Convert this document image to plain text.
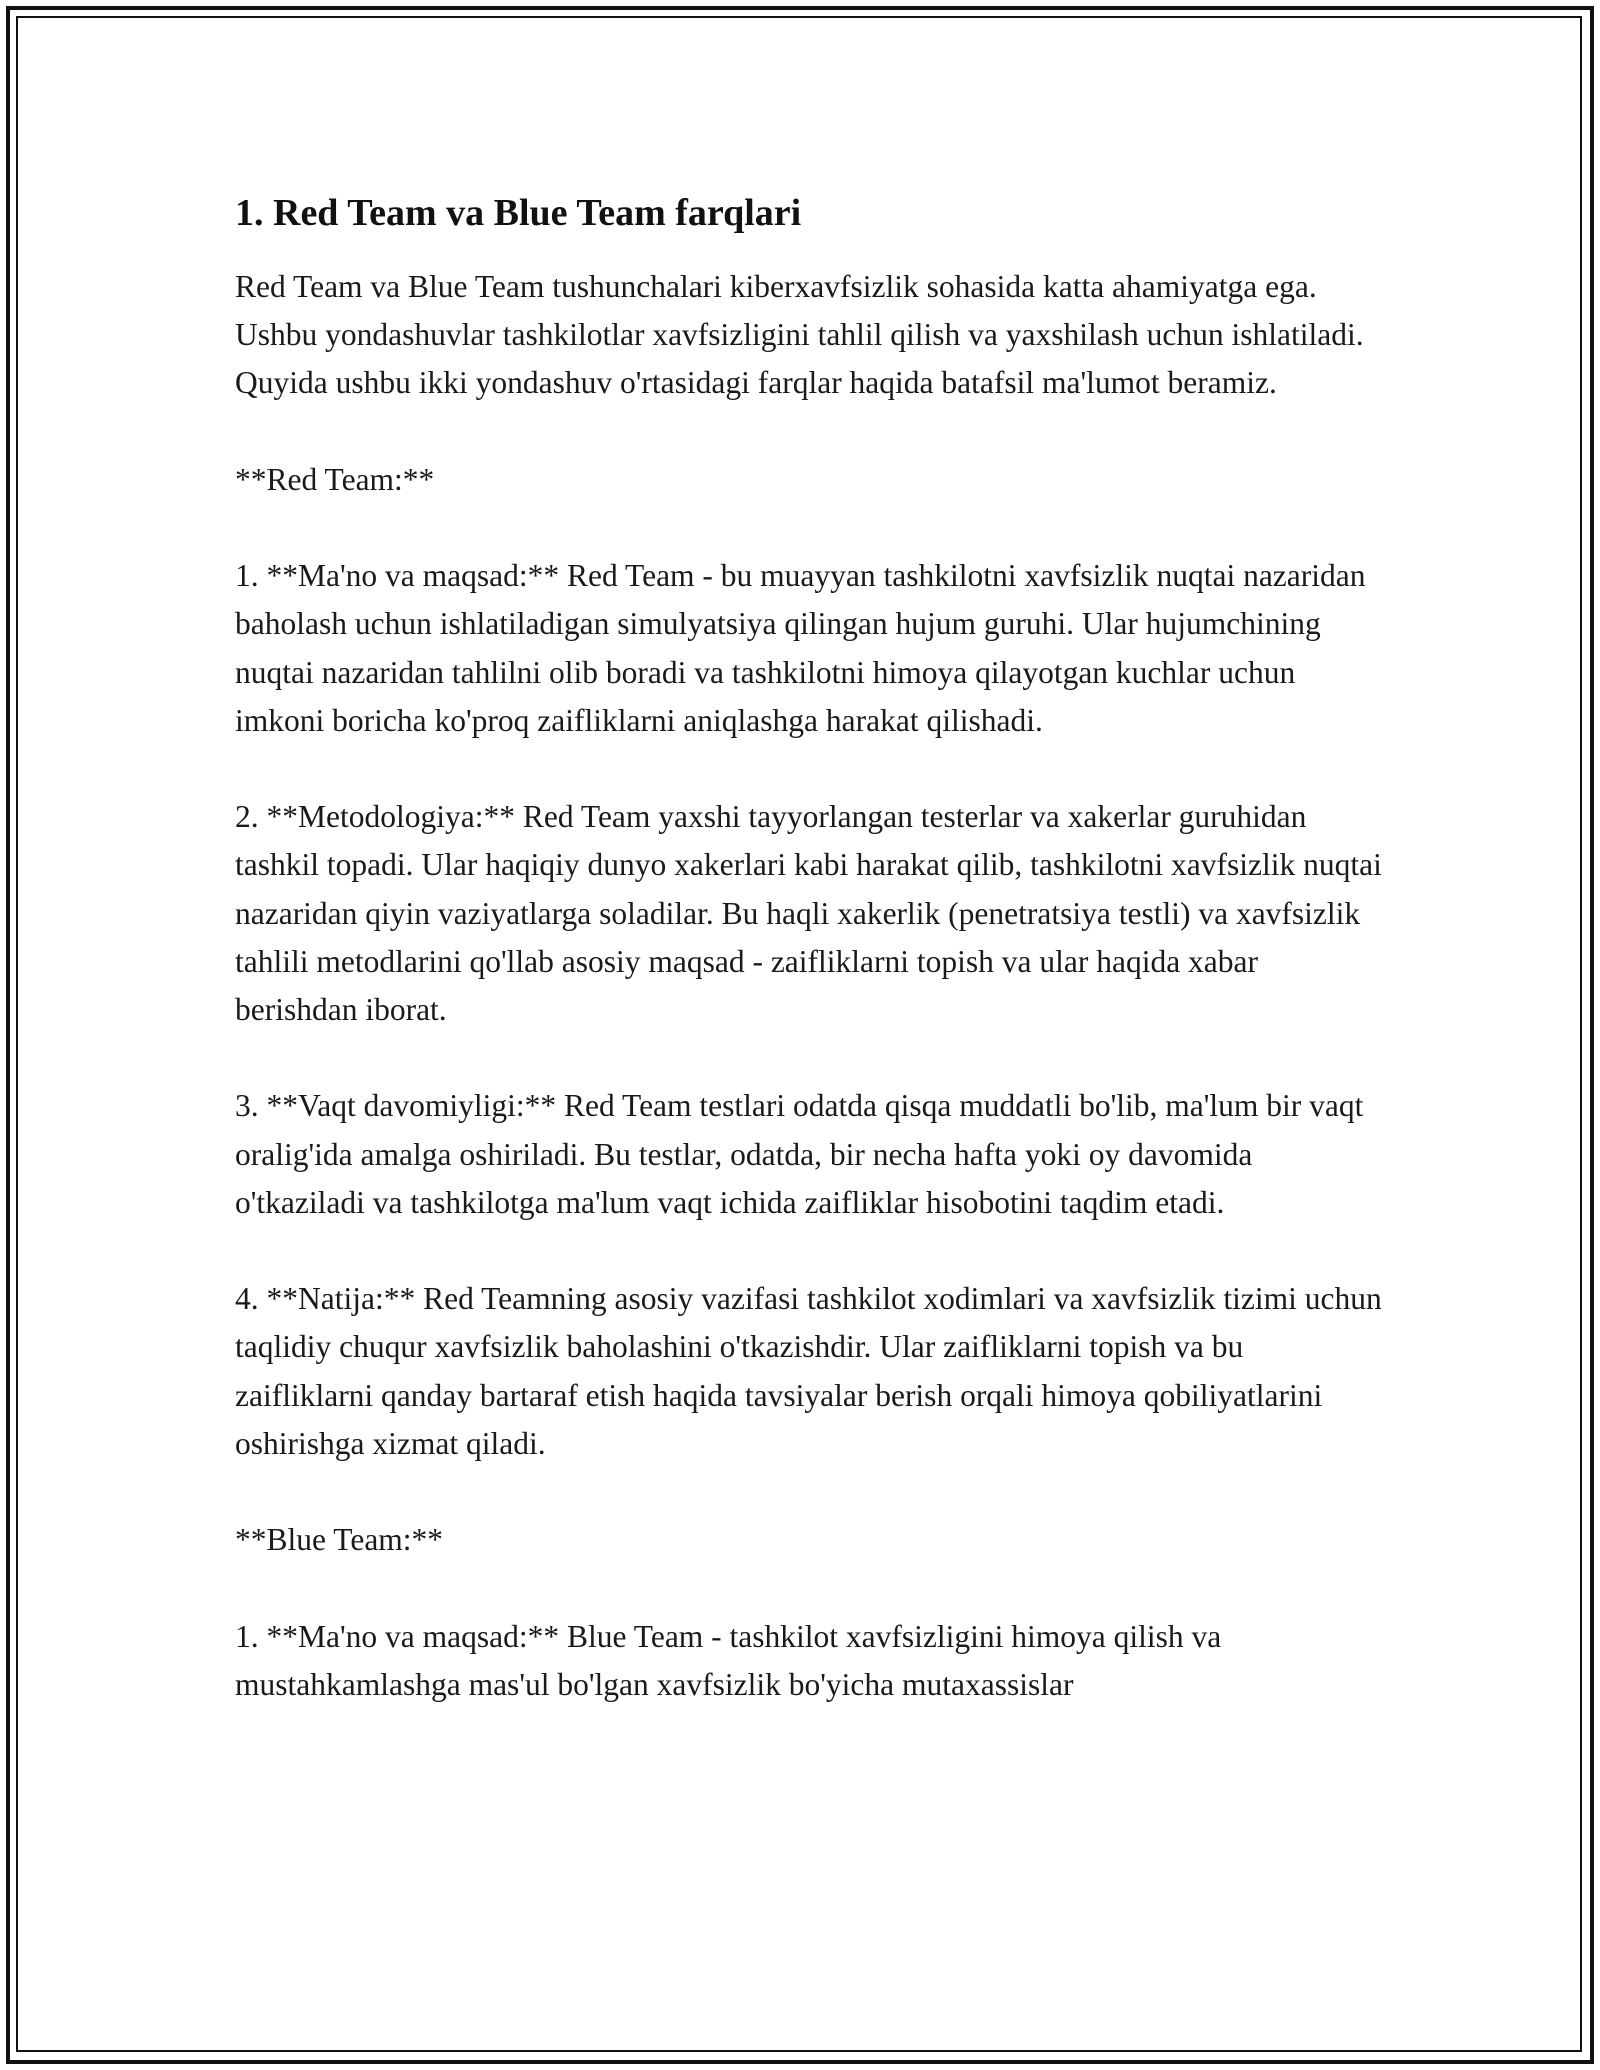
1. Red Team va Blue Team farqlari

Red Team va Blue Team tushunchalari kiberxavfsizlik sohasida katta ahamiyatga ega. Ushbu yondashuvlar tashkilotlar xavfsizligini tahlil qilish va yaxshilash uchun ishlatiladi. Quyida ushbu ikki yondashuv o'rtasidagi farqlar haqida batafsil ma'lumot beramiz.

**Red Team:**

1. **Ma'no va maqsad:** Red Team - bu muayyan tashkilotni xavfsizlik nuqtai nazaridan baholash uchun ishlatiladigan simulyatsiya qilingan hujum guruhi. Ular hujumchining nuqtai nazaridan tahlilni olib boradi va tashkilotni himoya qilayotgan kuchlar uchun imkoni boricha ko'proq zaifliklarni aniqlashga harakat qilishadi.

2. **Metodologiya:** Red Team yaxshi tayyorlangan testerlar va xakerlar guruhidan tashkil topadi. Ular haqiqiy dunyo xakerlari kabi harakat qilib, tashkilotni xavfsizlik nuqtai nazaridan qiyin vaziyatlarga soladilar. Bu haqli xakerlik (penetratsiya testli) va xavfsizlik tahlili metodlarini qo'llab asosiy maqsad - zaifliklarni topish va ular haqida xabar berishdan iborat.

3. **Vaqt davomiyligi:** Red Team testlari odatda qisqa muddatli bo'lib, ma'lum bir vaqt oralig'ida amalga oshiriladi. Bu testlar, odatda, bir necha hafta yoki oy davomida o'tkaziladi va tashkilotga ma'lum vaqt ichida zaifliklar hisobotini taqdim etadi.

4. **Natija:** Red Teamning asosiy vazifasi tashkilot xodimlari va xavfsizlik tizimi uchun taqlidiy chuqur xavfsizlik baholashini o'tkazishdir. Ular zaifliklarni topish va bu zaifliklarni qanday bartaraf etish haqida tavsiyalar berish orqali himoya qobiliyatlarini oshirishga xizmat qiladi.

**Blue Team:**

1. **Ma'no va maqsad:** Blue Team - tashkilot xavfsizligini himoya qilish va mustahkamlashga mas'ul bo'lgan xavfsizlik bo'yicha mutaxassislar
